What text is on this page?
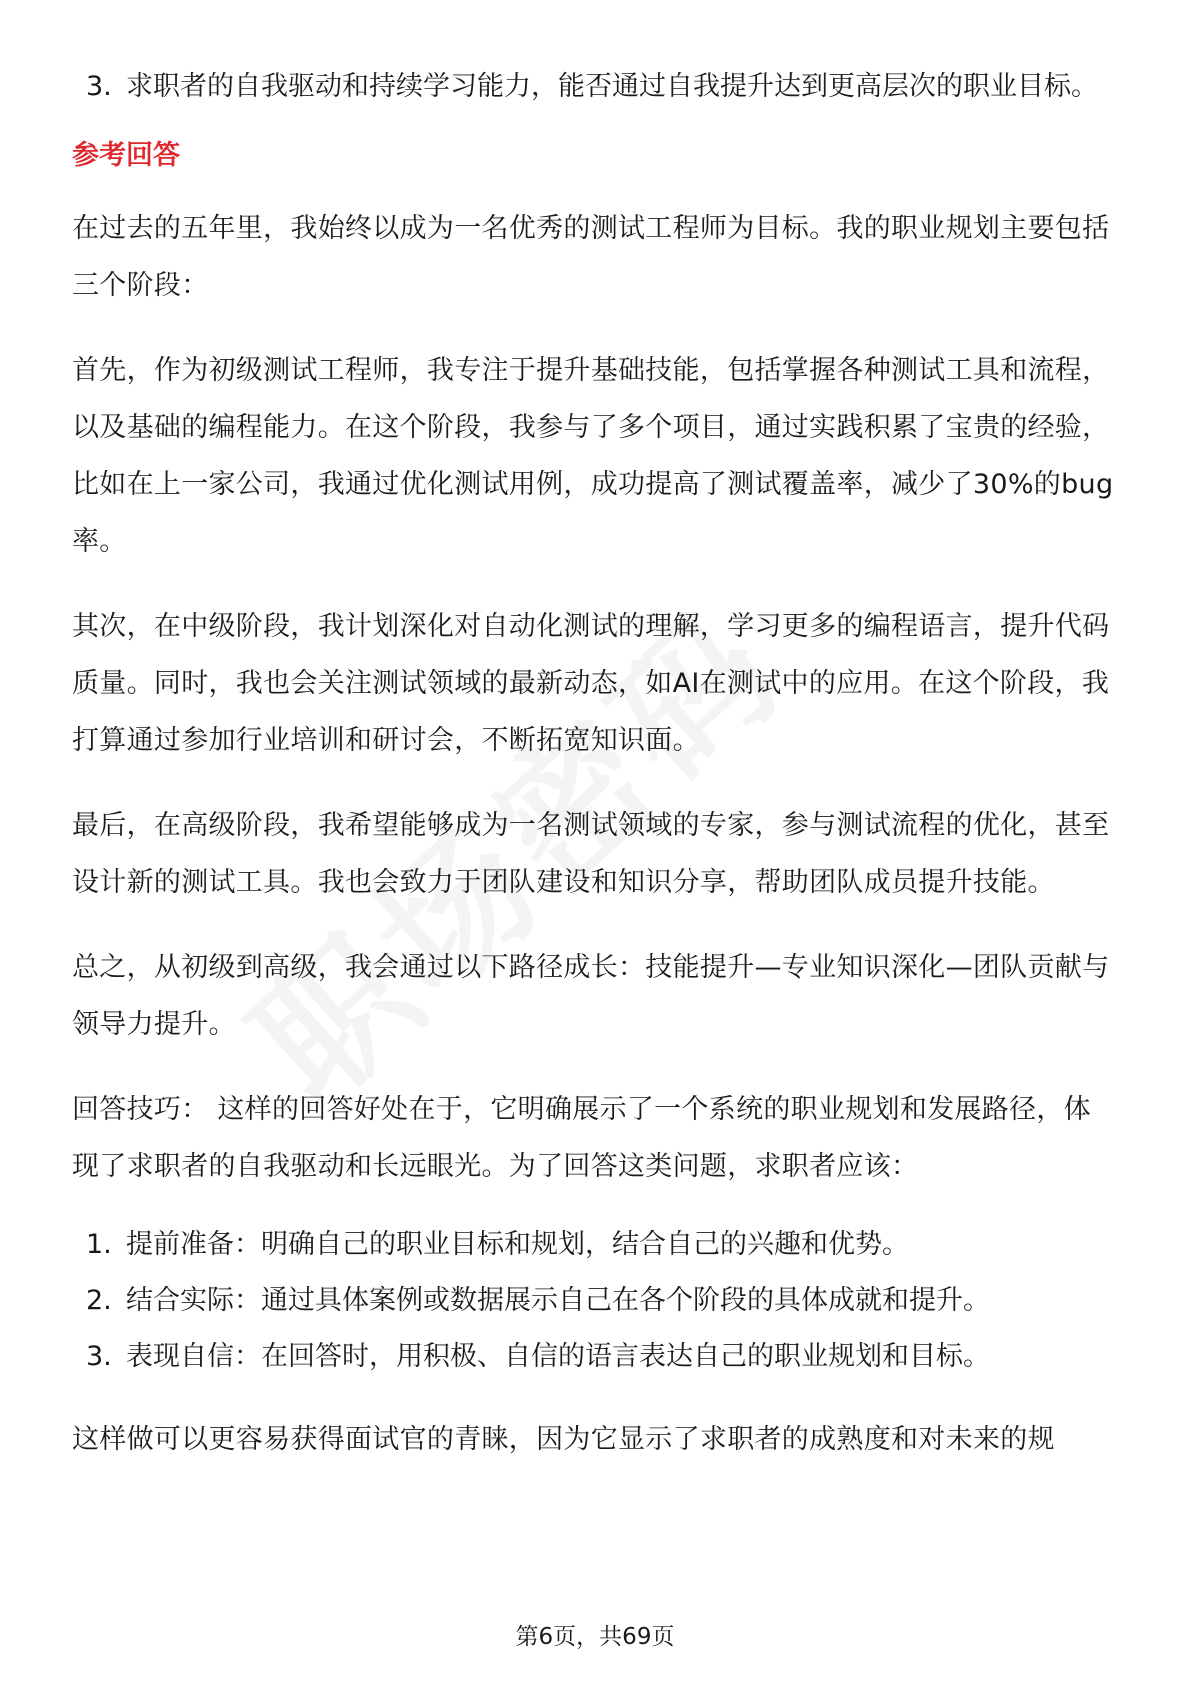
3. 求职者的自我驱动和持续学习能力，能否通过自我提升达到更高层次的职业目标。
参考回答

在过去的五年里，我始终以成为一名优秀的测试工程师为目标。我的职业规划主要包括三个阶段：

首先，作为初级测试工程师，我专注于提升基础技能，包括掌握各种测试工具和流程，以及基础的编程能力。在这个阶段，我参与了多个项目，通过实践积累了宝贵的经验，比如在上一家公司，我通过优化测试用例，成功提高了测试覆盖率，减少了30%的bug率。

其次，在中级阶段，我计划深化对自动化测试的理解，学习更多的编程语言，提升代码质量。同时，我也会关注测试领域的最新动态，如AI在测试中的应用。在这个阶段，我打算通过参加行业培训和研讨会，不断拓宽知识面。

最后，在高级阶段，我希望能够成为一名测试领域的专家，参与测试流程的优化，甚至设计新的测试工具。我也会致力于团队建设和知识分享，帮助团队成员提升技能。

总之，从初级到高级，我会通过以下路径成长：技能提升—专业知识深化—团队贡献与领导力提升。

回答技巧： 这样的回答好处在于，它明确展示了一个系统的职业规划和发展路径，体现了求职者的自我驱动和长远眼光。为了回答这类问题，求职者应该：

1. 提前准备：明确自己的职业目标和规划，结合自己的兴趣和优势。
2. 结合实际：通过具体案例或数据展示自己在各个阶段的具体成就和提升。
3. 表现自信：在回答时，用积极、自信的语言表达自己的职业规划和目标。

这样做可以更容易获得面试官的青睐，因为它显示了求职者的成熟度和对未来的规

第6页，共69页
